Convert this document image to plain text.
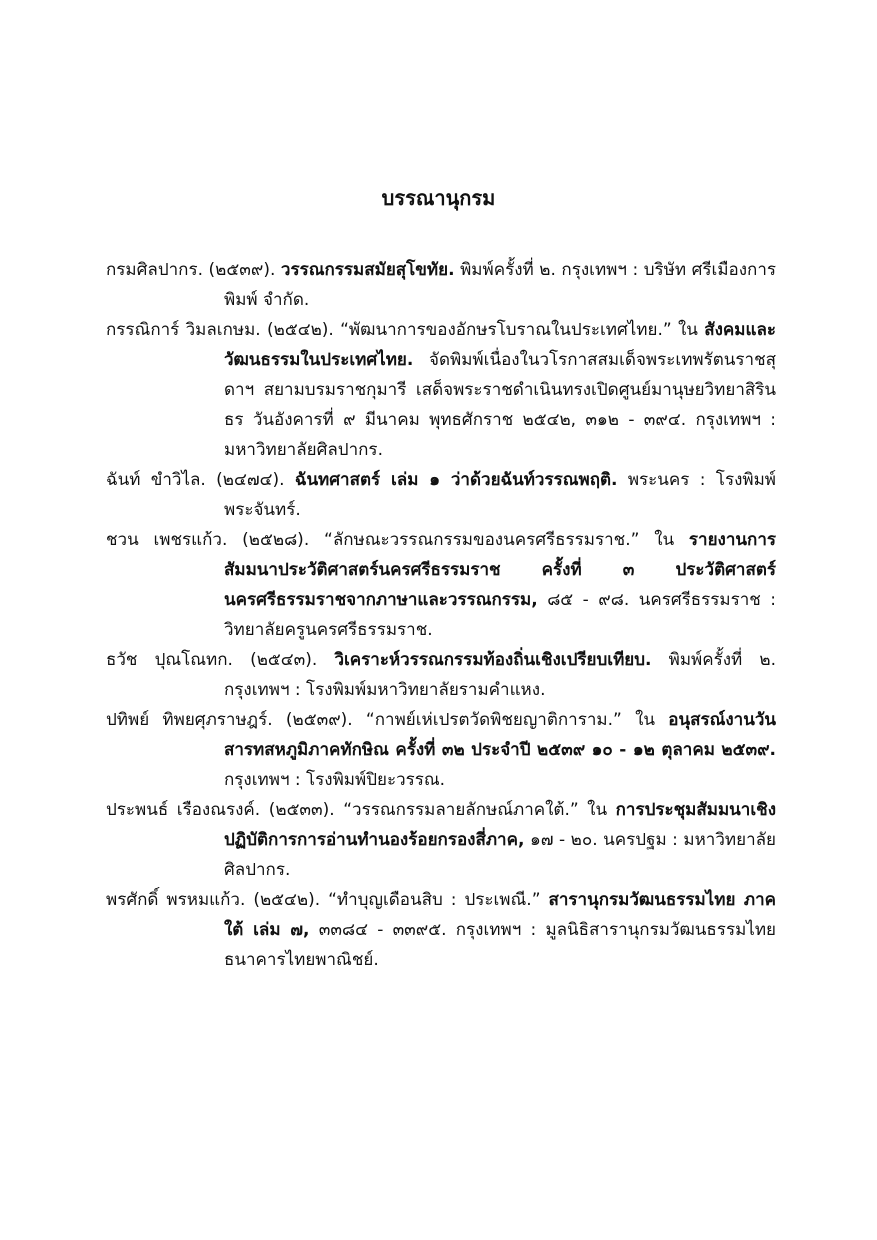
บรรณานุกรม
กรมศิลปากร. (๒๕๓๙). วรรณกรรมสมัยสุโขทัย. พิมพ์ครั้งที่ ๒. กรุงเทพฯ : บริษัท ศรีเมืองการพิมพ์ จำกัด.
กรรณิการ์ วิมลเกษม. (๒๕๔๒). “พัฒนาการของอักษรโบราณในประเทศไทย.” ใน สังคมและวัฒนธรรมในประเทศไทย. จัดพิมพ์เนื่องในวโรกาสสมเด็จพระเทพรัตนราชสุดาฯ สยามบรมราชกุมารี เสด็จพระราชดำเนินทรงเปิดศูนย์มานุษยวิทยาสิรินธร วันอังคารที่ ๙ มีนาคม พุทธศักราช ๒๕๔๒, ๓๑๒ - ๓๙๔. กรุงเทพฯ : มหาวิทยาลัยศิลปากร.
ฉันท์ ขำวิไล. (๒๔๗๔). ฉันทศาสตร์ เล่ม ๑ ว่าด้วยฉันท์วรรณพฤติ. พระนคร : โรงพิมพ์พระจันทร์.
ชวน เพชรแก้ว. (๒๕๒๘). “ลักษณะวรรณกรรมของนครศรีธรรมราช.” ใน รายงานการสัมมนาประวัติศาสตร์นครศรีธรรมราช ครั้งที่ ๓ ประวัติศาสตร์นครศรีธรรมราชจากภาษาและวรรณกรรม, ๘๕ - ๙๘. นครศรีธรรมราช : วิทยาลัยครูนครศรีธรรมราช.
ธวัช ปุณโณทก. (๒๕๔๓). วิเคราะห์วรรณกรรมท้องถิ่นเชิงเปรียบเทียบ. พิมพ์ครั้งที่ ๒. กรุงเทพฯ : โรงพิมพ์มหาวิทยาลัยรามคำแหง.
ปทิพย์ ทิพยศุภราษฎร์. (๒๕๓๙). “กาพย์เห่เปรตวัดพิชยญาติการาม.” ใน อนุสรณ์งานวันสารทสหภูมิภาคทักษิณ ครั้งที่ ๓๒ ประจำปี ๒๕๓๙ ๑๐ - ๑๒ ตุลาคม ๒๕๓๙. กรุงเทพฯ : โรงพิมพ์ปิยะวรรณ.
ประพนธ์ เรืองณรงค์. (๒๕๓๓). “วรรณกรรมลายลักษณ์ภาคใต้.” ใน การประชุมสัมมนาเชิงปฏิบัติการการอ่านทำนองร้อยกรองสี่ภาค, ๑๗ - ๒๐. นครปฐม : มหาวิทยาลัยศิลปากร.
พรศักดิ์ พรหมแก้ว. (๒๕๔๒). “ทำบุญเดือนสิบ : ประเพณี.” สารานุกรมวัฒนธรรมไทย ภาคใต้ เล่ม ๗, ๓๓๘๔ - ๓๓๙๕. กรุงเทพฯ : มูลนิธิสารานุกรมวัฒนธรรมไทย ธนาคารไทยพาณิชย์.
